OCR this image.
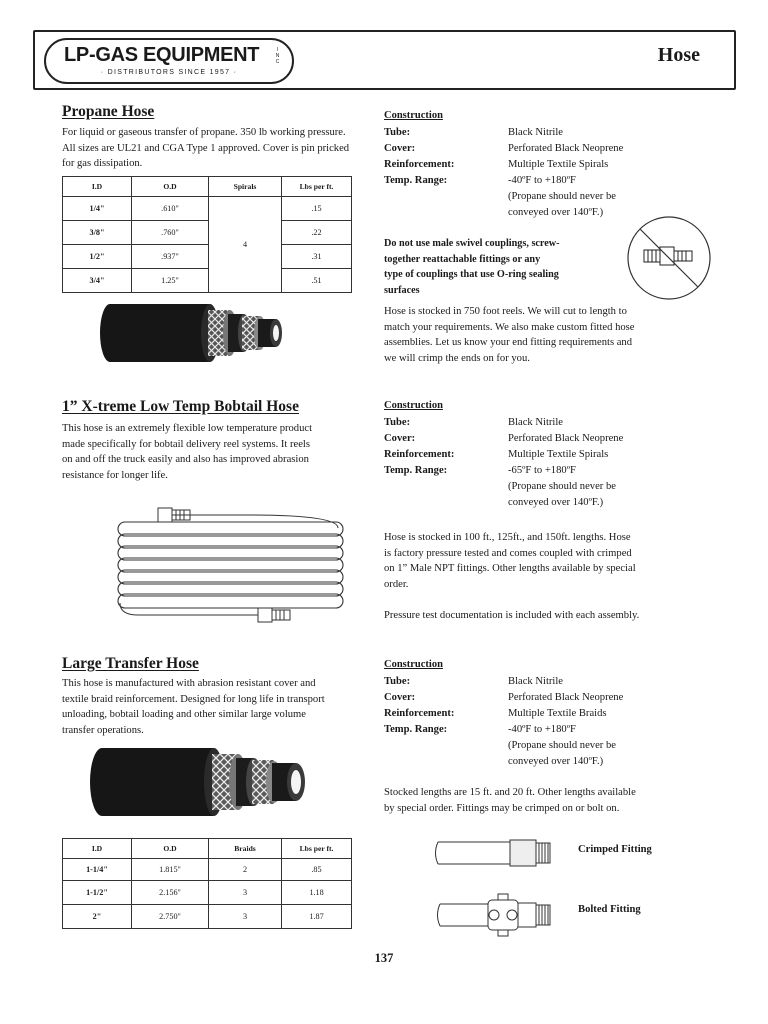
LP-GAS EQUIPMENT	I
N
C
· DISTRIBUTORS SINCE 1957 ·
Hose
Propane Hose
For liquid or gaseous transfer of propane. 350 lb working pressure. All sizes are UL21 and CGA Type 1 approved. Cover is pin pricked for gas dissipation.
I.D	O.D	Spirals	Lbs per ft.
1/4"	.610"	4	.15
3/8"	.760"		.22
1/2"	.937"		.31
3/4"	1.25"		.51
Construction
Tube:	Black Nitrile
Cover:	Perforated Black Neoprene
Reinforcement:	Multiple Textile Spirals
Temp. Range:	-40ºF to +180ºF
(Propane should never be
conveyed over 140ºF.)
Do not use male swivel couplings, screw-
together reattachable fittings or any
type of couplings that use O-ring sealing
surfaces
Hose is stocked in 750 foot reels. We will cut to length to
match your requirements. We also make custom fitted hose
assemblies. Let us know your end fitting requirements and
we will crimp the ends on for you.
1” X-treme Low Temp Bobtail Hose
This hose is an extremely flexible low temperature product
made specifically for bobtail delivery reel systems. It reels
on and off the truck easily and also has improved abrasion
resistance for longer life.
Construction
Tube:	Black Nitrile
Cover:	Perforated Black Neoprene
Reinforcement:	Multiple Textile Spirals
Temp. Range:	-65ºF to +180ºF
(Propane should never be
conveyed over 140ºF.)
Hose is stocked in 100 ft., 125ft., and 150ft. lengths. Hose
is factory pressure tested and comes coupled with crimped
on 1” Male NPT fittings. Other lengths available by special
order.
Pressure test documentation is included with each assembly.
Large Transfer Hose
This hose is manufactured with abrasion resistant cover and
textile braid reinforcement. Designed for long life in transport
unloading, bobtail loading and other similar large volume
transfer operations.
I.D	O.D	Braids	Lbs per ft.
1-1/4"	1.815"	2	.85
1-1/2"	2.156"	3	1.18
2"	2.750"	3	1.87
Construction
Tube:	Black Nitrile
Cover:	Perforated Black Neoprene
Reinforcement:	Multiple Textile Braids
Temp. Range:	-40ºF to +180ºF
(Propane should never be
conveyed over 140ºF.)
Stocked lengths are 15 ft. and 20 ft. Other lengths available
by special order. Fittings may be crimped on or bolt on.
Crimped Fitting
Bolted Fitting
137
